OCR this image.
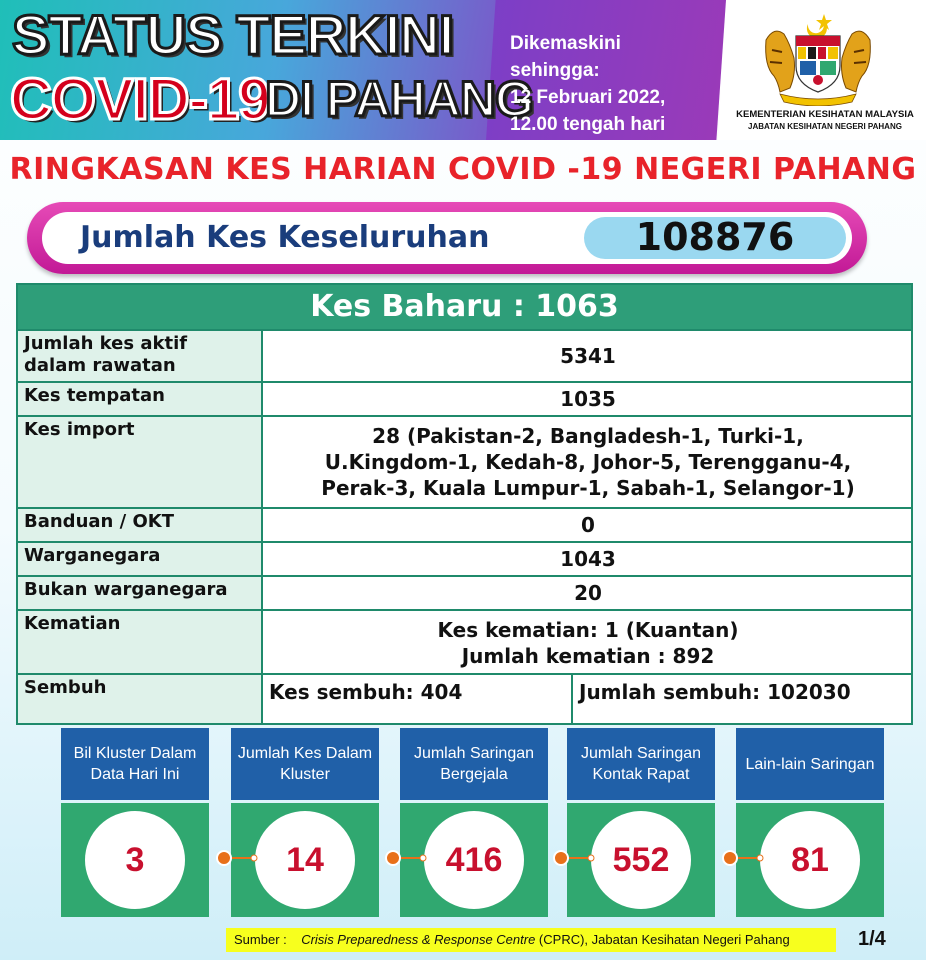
STATUS TERKINI
COVID-19
DI PAHANG
Dikemaskini sehingga:
12 Februari 2022,
12.00 tengah hari	KEMENTERIAN KESIHATAN MALAYSIA
JABATAN KESIHATAN NEGERI PAHANG
RINGKASAN KES HARIAN COVID -19 NEGERI PAHANG
Jumlah Kes Keseluruhan	108876
Kes Baharu : 1063
Jumlah kes aktif dalam rawatan	5341
Kes tempatan	1035
Kes import	28 (Pakistan-2, Bangladesh-1, Turki-1,
U.Kingdom-1, Kedah-8, Johor-5, Terengganu-4,
Perak-3, Kuala Lumpur-1, Sabah-1, Selangor-1)
Banduan / OKT	0
Warganegara	1043
Bukan warganegara	20
Kematian	Kes kematian: 1 (Kuantan)
Jumlah kematian : 892
Sembuh	Kes sembuh: 404	Jumlah sembuh: 102030
Bil Kluster Dalam Data Hari Ini
3
Jumlah Kes Dalam Kluster
14
Jumlah Saringan Bergejala
416
Jumlah Saringan Kontak Rapat
552
Lain-lain Saringan
81
Sumber : Crisis Preparedness & Response Centre (CPRC), Jabatan Kesihatan Negeri Pahang	1/4
